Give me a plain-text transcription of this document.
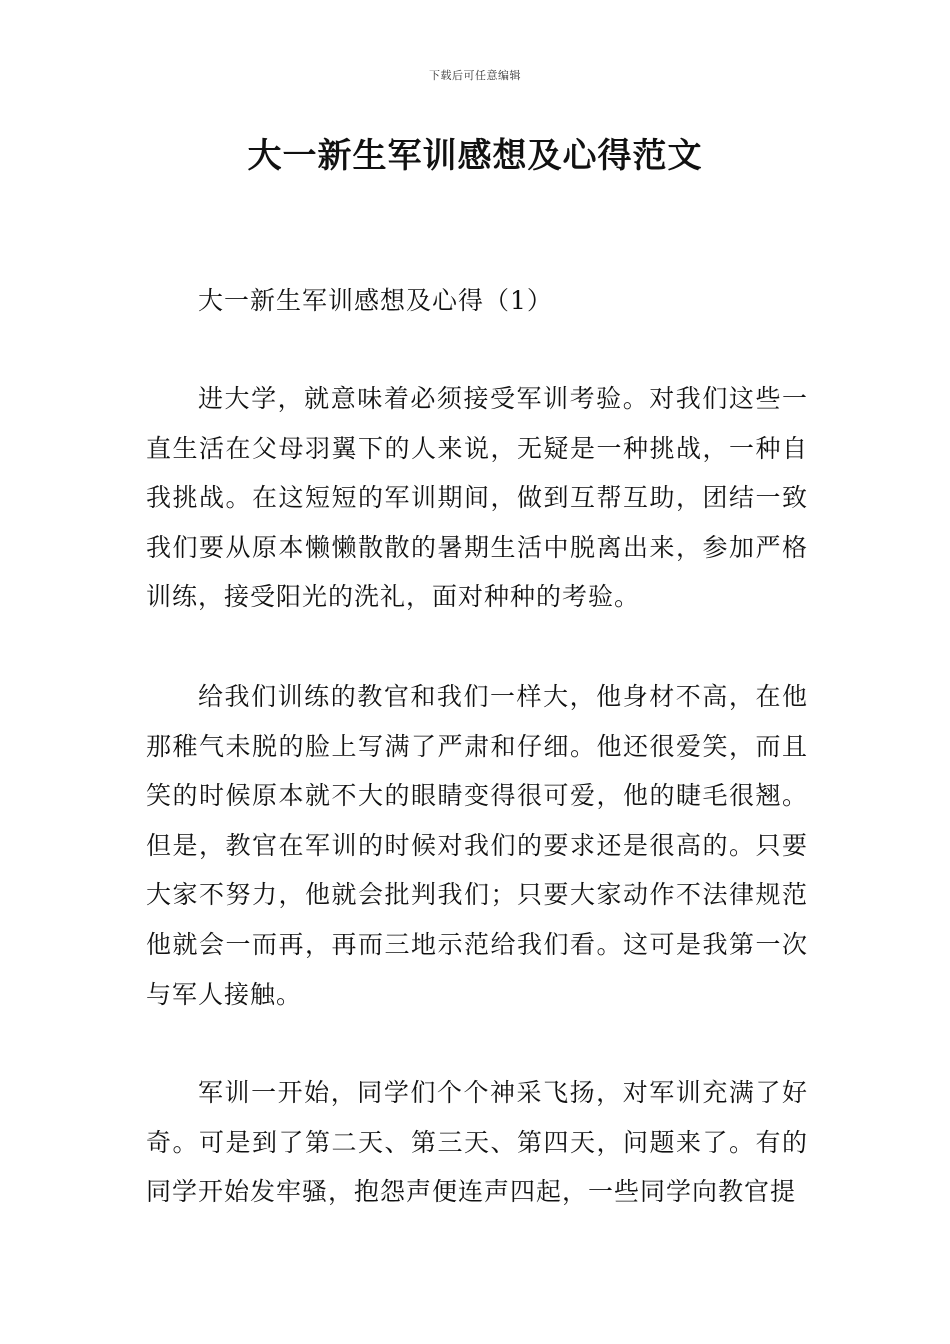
下载后可任意编辑
大一新生军训感想及心得范文

大一新生军训感想及心得（1）

进大学，就意味着必须接受军训考验。对我们这些一直生活在父母羽翼下的人来说，无疑是一种挑战，一种自我挑战。在这短短的军训期间，做到互帮互助，团结一致我们要从原本懒懒散散的暑期生活中脱离出来，参加严格训练，接受阳光的洗礼，面对种种的考验。

给我们训练的教官和我们一样大，他身材不高，在他那稚气未脱的脸上写满了严肃和仔细。他还很爱笑，而且笑的时候原本就不大的眼睛变得很可爱，他的睫毛很翘。但是，教官在军训的时候对我们的要求还是很高的。只要大家不努力，他就会批判我们；只要大家动作不法律规范他就会一而再，再而三地示范给我们看。这可是我第一次与军人接触。

军训一开始，同学们个个神采飞扬，对军训充满了好奇。可是到了第二天、第三天、第四天，问题来了。有的同学开始发牢骚，抱怨声便连声四起，一些同学向教官提
